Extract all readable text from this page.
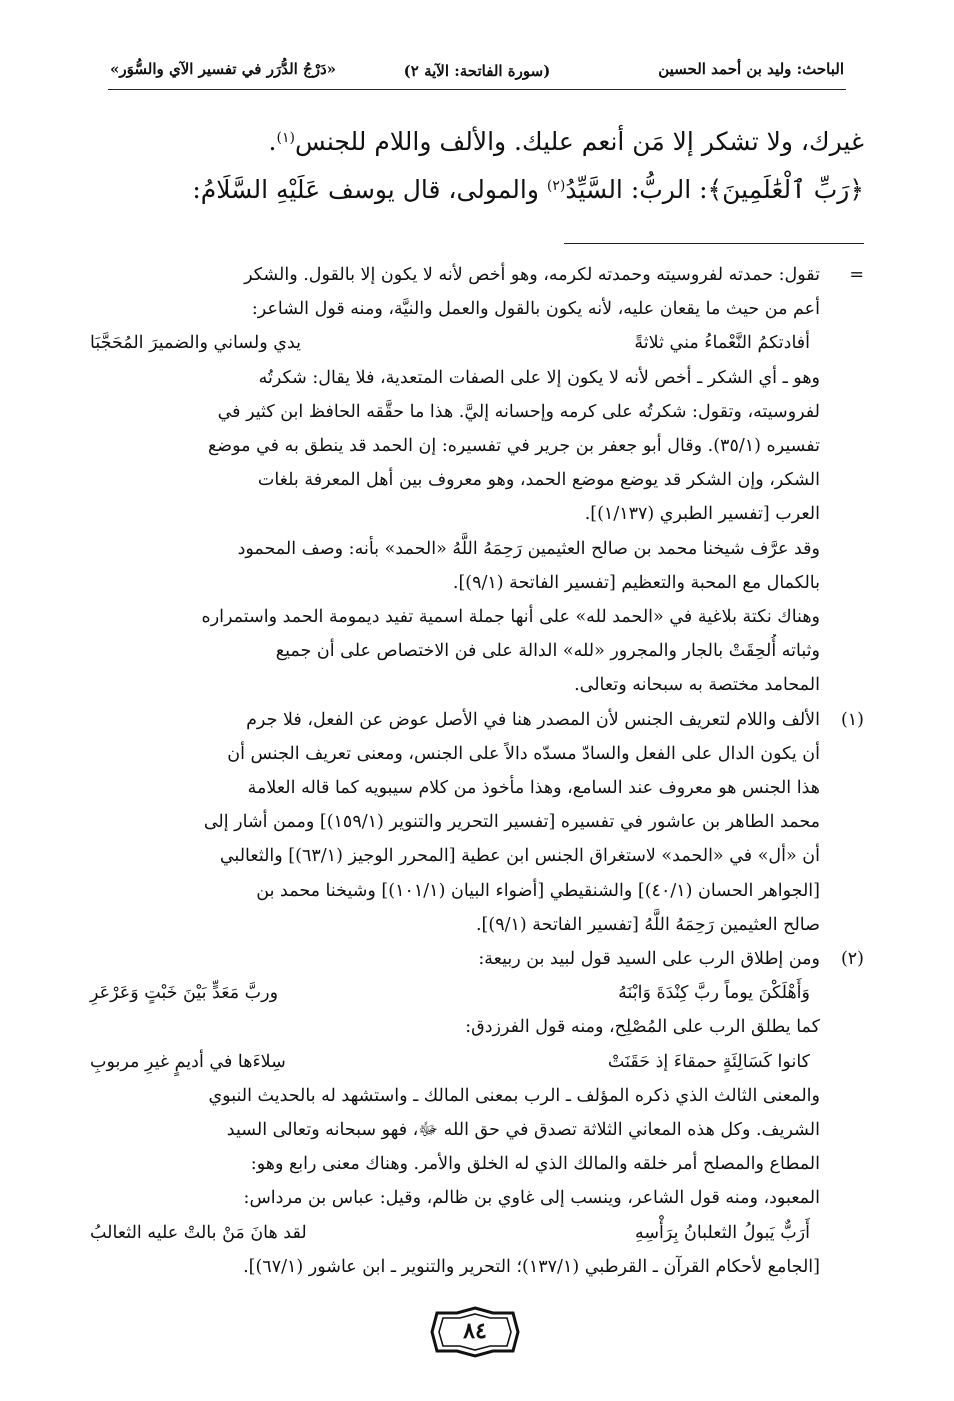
الباحث: وليد بن أحمد الحسين
(سورة الفاتحة: الآية ٢)
«دَرْجُ الدُّرَر في تفسير الآي والسُّوَر»
غيرك، ولا تشكر إلا مَن أنعم عليك. والألف واللام للجنس$^{(١)}$.
﴿رَبِّ ٱلْعَٰلَمِينَ﴾: الربُّ: السَّيِّدُ$^{(٢)}$ والمولى، قال يوسف عَلَيْهِ السَّلَامُ:
=
تقول: حمدته لفروسيته وحمدته لكرمه، وهو أخص لأنه لا يكون إلا بالقول. والشكر
أعم من حيث ما يقعان عليه، لأنه يكون بالقول والعمل والنيَّة، ومنه قول الشاعر:
أفادتكمُ النَّعْماءُ مني ثلاثةً
يدي ولساني والضميرَ المُحَجَّبَا
وهو ـ أي الشكر ـ أخص لأنه لا يكون إلا على الصفات المتعدية، فلا يقال: شكرتُه
لفروسيته، وتقول: شكرتُه على كرمه وإحسانه إليَّ. هذا ما حقَّقه الحافظ ابن كثير في
تفسيره (٣٥/١). وقال أبو جعفر بن جرير في تفسيره: إن الحمد قد ينطق به في موضع
الشكر، وإن الشكر قد يوضع موضع الحمد، وهو معروف بين أهل المعرفة بلغات
العرب [تفسير الطبري (١/١٣٧)].
وقد عرَّف شيخنا محمد بن صالح العثيمين رَحِمَهُ اللَّهُ «الحمد» بأنه: وصف المحمود
بالكمال مع المحبة والتعظيم [تفسير الفاتحة (٩/١)].
وهناك نكتة بلاغية في «الحمد لله» على أنها جملة اسمية تفيد ديمومة الحمد واستمراره
وثباته أُلحِقَتْ بالجار والمجرور «لله» الدالة على فن الاختصاص على أن جميع
المحامد مختصة به سبحانه وتعالى.
(١)
الألف واللام لتعريف الجنس لأن المصدر هنا في الأصل عوض عن الفعل، فلا جرم
أن يكون الدال على الفعل والسادّ مسدّه دالاً على الجنس، ومعنى تعريف الجنس أن
هذا الجنس هو معروف عند السامع، وهذا مأخوذ من كلام سيبويه كما قاله العلامة
محمد الطاهر بن عاشور في تفسيره [تفسير التحرير والتنوير (١٥٩/١)] وممن أشار إلى
أن «أل» في «الحمد» لاستغراق الجنس ابن عطية [المحرر الوجيز (٦٣/١)] والثعالبي
[الجواهر الحسان (٤٠/١)] والشنقيطي [أضواء البيان (١٠١/١)] وشيخنا محمد بن
صالح العثيمين رَحِمَهُ اللَّهُ [تفسير الفاتحة (٩/١)].
(٢)
ومن إطلاق الرب على السيد قول لبيد بن ربيعة:
وَأَهْلَكْنَ يوماً ربَّ كِنْدَةَ وَابْنَهُ
وربَّ مَعَدٍّ بَيْنَ خَبْتٍ وَعَرْعَرِ
كما يطلق الرب على المُصْلِح، ومنه قول الفرزدق:
كانوا كَسَالِئَةٍ حمقاءَ إذ حَقَنَتْ
سِلاءَها في أديمٍ غيرِ مربوبِ
والمعنى الثالث الذي ذكره المؤلف ـ الرب بمعنى المالك ـ واستشهد له بالحديث النبوي
الشريف. وكل هذه المعاني الثلاثة تصدق في حق الله ﷻ، فهو سبحانه وتعالى السيد
المطاع والمصلح أمر خلقه والمالك الذي له الخلق والأمر. وهناك معنى رابع وهو:
المعبود، ومنه قول الشاعر، وينسب إلى غاوي بن ظالم، وقيل: عباس بن مرداس:
أَرَبٌّ يَبولُ الثعلبانُ بِرَأْسِهِ
لقد هانَ مَنْ بالتْ عليه الثعالبُ
[الجامع لأحكام القرآن ـ القرطبي (١٣٧/١)؛ التحرير والتنوير ـ ابن عاشور (٦٧/١)].
٨٤
